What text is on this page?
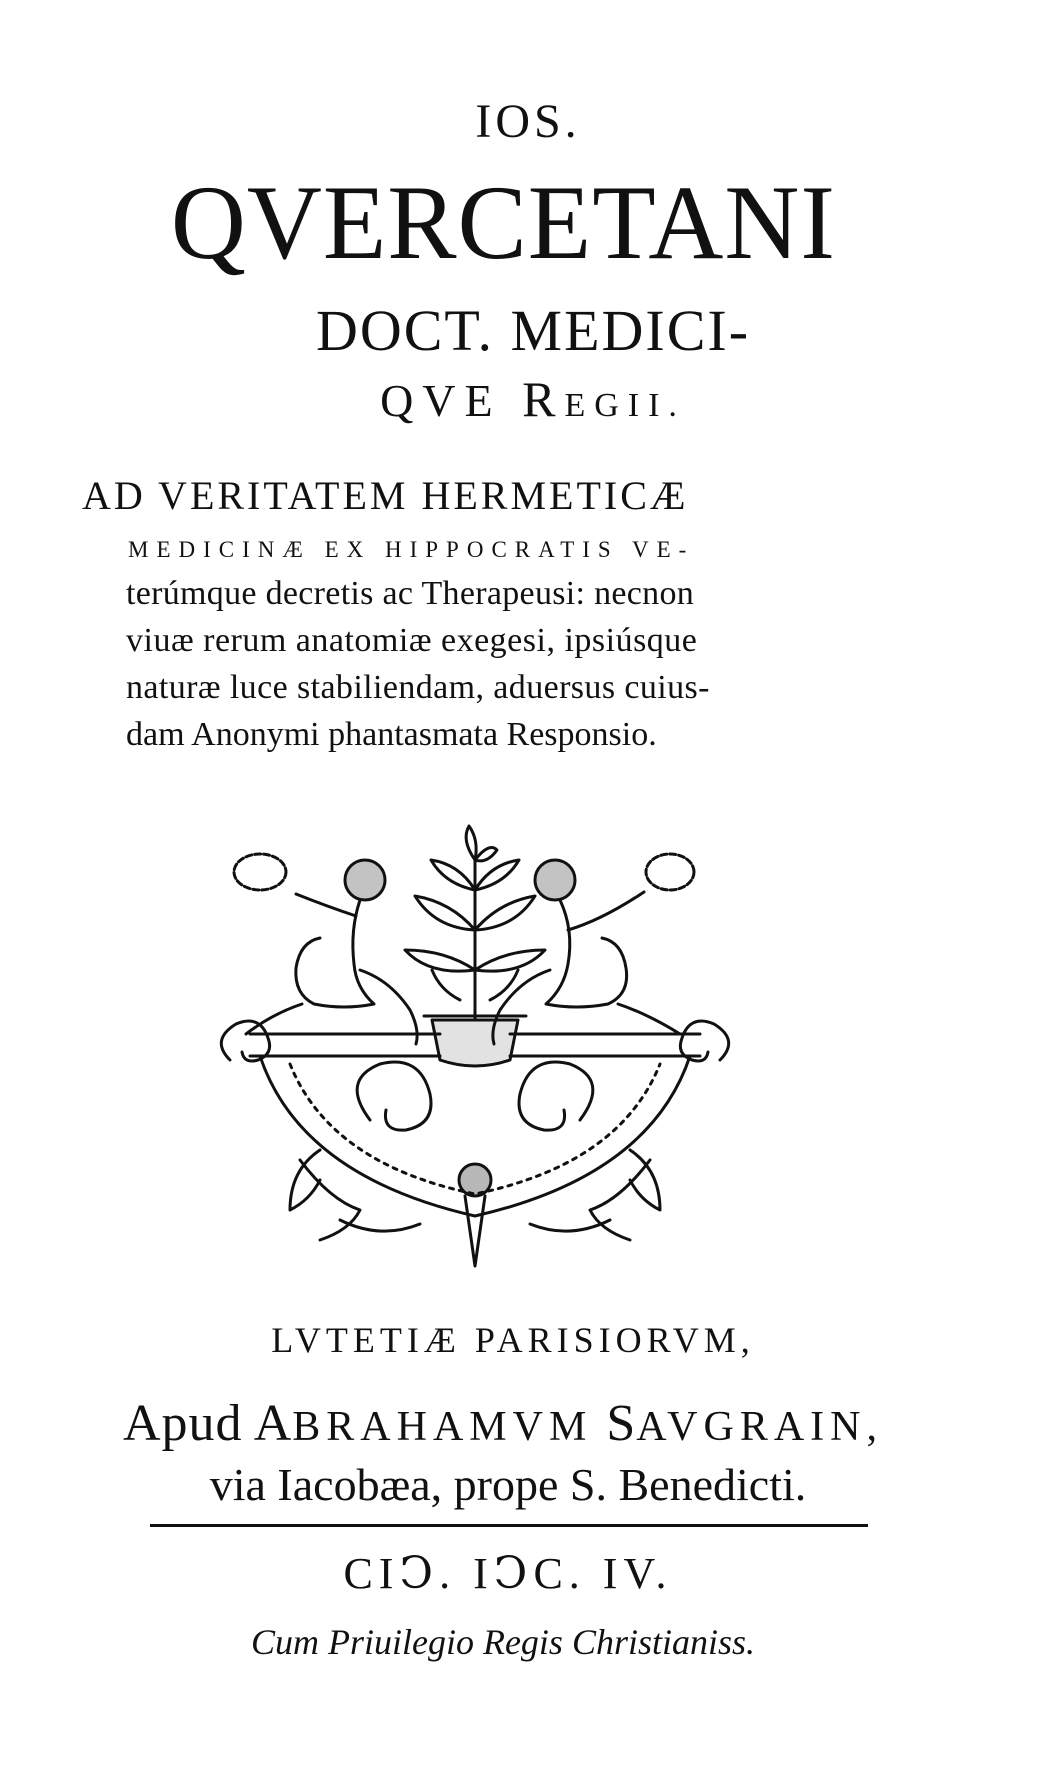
IOS.
QVERCETANI
DOCT. MEDICI-
QVE REGII.
AD VERITATEM HERMETICÆ
MEDICINÆ EX HIPPOCRATIS VE-
terúmque decretis ac Therapeusi: necnon
viuæ rerum anatomiæ exegesi, ipsiúsque
naturæ luce stabiliendam, aduersus cuius-
dam Anonymi phantasmata Responsio.
LVTETIÆ PARISIORVM,
Apud ABRAHAMVM SAVGRAIN,
via Iacobæa, prope S. Benedicti.
CIↃ. IↃC. IV.
Cum Priuilegio Regis Christianiss.
